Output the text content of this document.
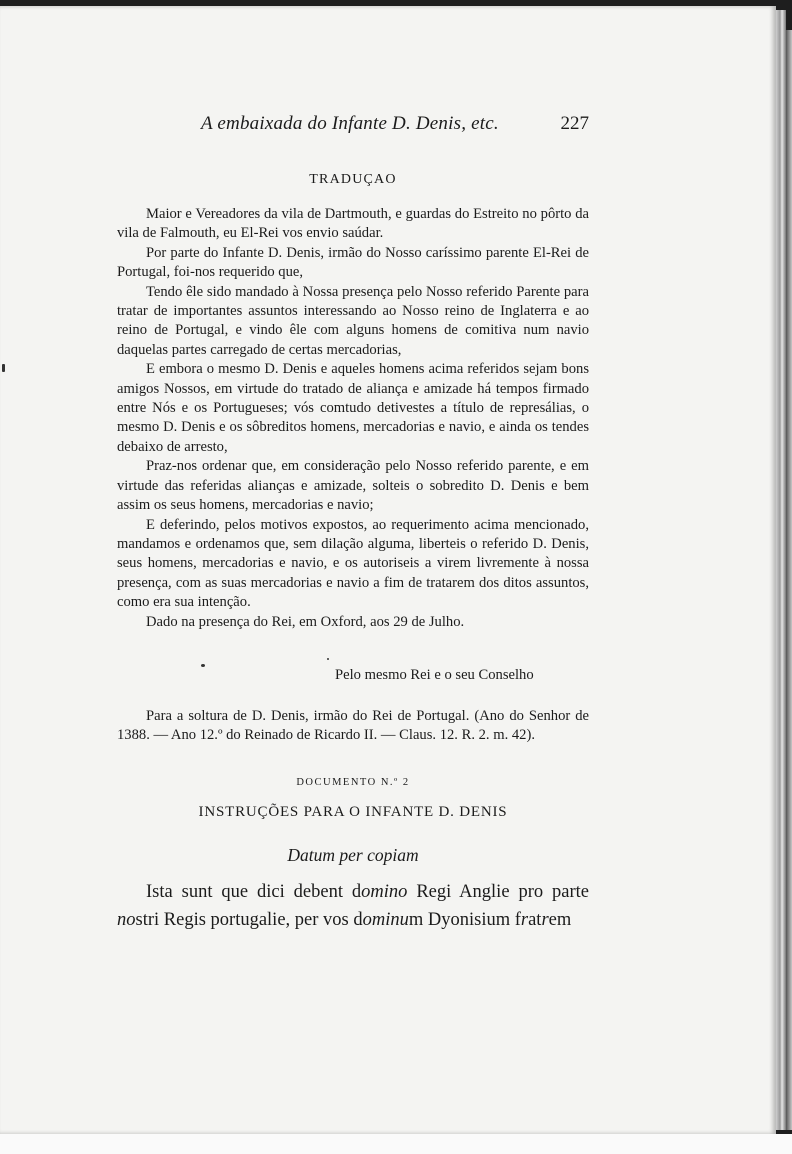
A embaixada do Infante D. Denis, etc.	227
TRADUÇAO

Maior e Vereadores da vila de Dartmouth, e guardas do Estreito no pôrto da vila de Falmouth, eu El-Rei vos envio saúdar.

Por parte do Infante D. Denis, irmão do Nosso caríssimo parente El-Rei de Portugal, foi-nos requerido que,

Tendo êle sido mandado à Nossa presença pelo Nosso referido Parente para tratar de importantes assuntos interessando ao Nosso reino de Inglaterra e ao reino de Portugal, e vindo êle com alguns homens de comitiva num navio daquelas partes carregado de certas mercadorias,

E embora o mesmo D. Denis e aqueles homens acima referidos sejam bons amigos Nossos, em virtude do tratado de aliança e amizade há tempos firmado entre Nós e os Portugueses; vós comtudo detivestes a título de represálias, o mesmo D. Denis e os sôbreditos homens, mercadorias e navio, e ainda os tendes debaixo de arresto,

Praz-nos ordenar que, em consideração pelo Nosso referido parente, e em virtude das referidas alianças e amizade, solteis o sobredito D. Denis e bem assim os seus homens, mercadorias e navio;

E deferindo, pelos motivos expostos, ao requerimento acima mencionado, mandamos e ordenamos que, sem dilação alguma, liberteis o referido D. Denis, seus homens, mercadorias e navio, e os autoriseis a virem livremente à nossa presença, com as suas mercadorias e navio a fim de tratarem dos ditos assuntos, como era sua intenção.

Dado na presença do Rei, em Oxford, aos 29 de Julho.

Pelo mesmo Rei e o seu Conselho

Para a soltura de D. Denis, irmão do Rei de Portugal. (Ano do Senhor de 1388. — Ano 12.º do Reinado de Ricardo II. — Claus. 12. R. 2. m. 42).

DOCUMENTO N.º 2
INSTRUÇÕES PARA O INFANTE D. DENIS
Datum per copiam

Ista sunt que dici debent domino Regi Anglie pro parte nostri Regis portugalie, per vos dominum Dyonisium fratrem
